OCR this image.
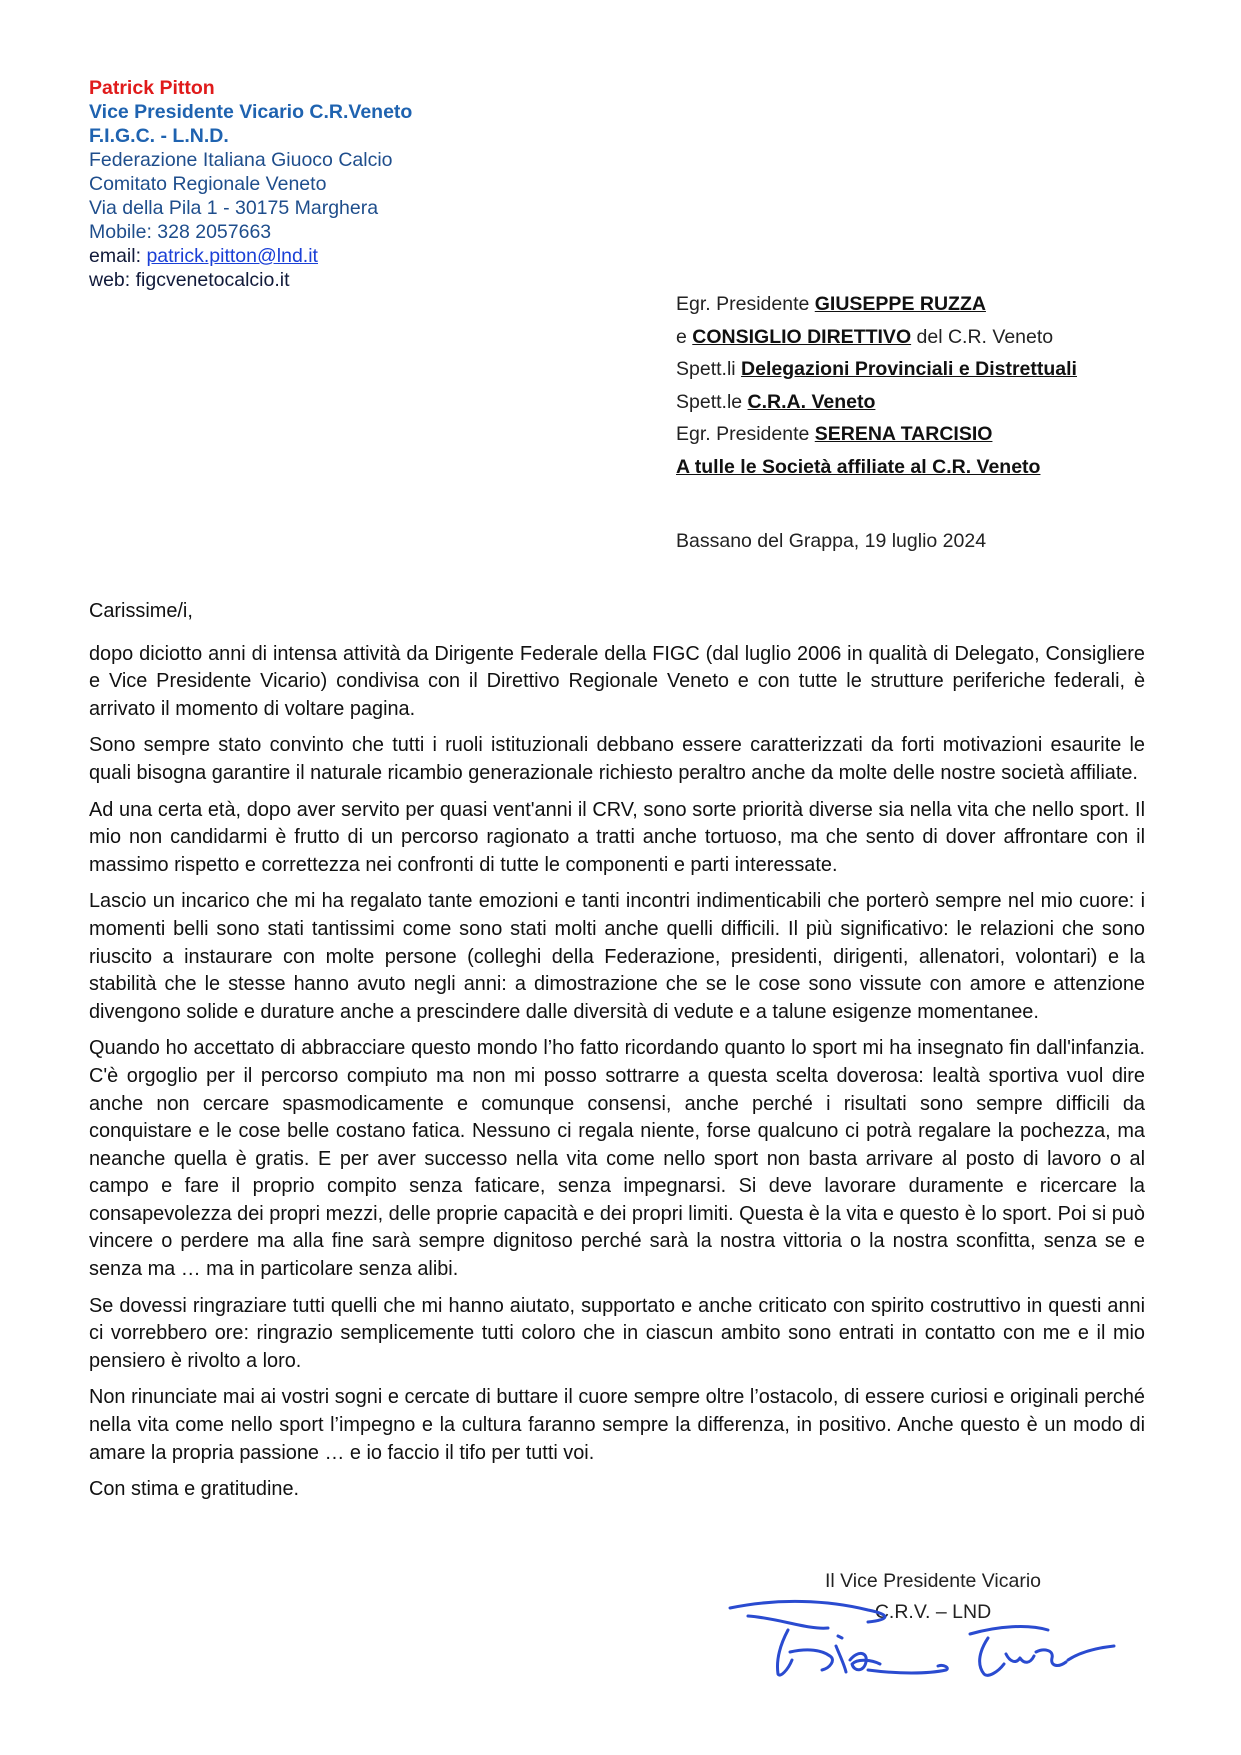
Patrick Pitton
Vice Presidente Vicario C.R.Veneto
F.I.G.C. - L.N.D.
Federazione Italiana Giuoco Calcio
Comitato Regionale Veneto
Via della Pila 1 - 30175 Marghera
Mobile: 328 2057663
email: patrick.pitton@lnd.it
web: figcvenetocalcio.it
Egr. Presidente GIUSEPPE RUZZA
e CONSIGLIO DIRETTIVO del C.R. Veneto
Spett.li Delegazioni Provinciali e Distrettuali
Spett.le C.R.A. Veneto
Egr. Presidente SERENA TARCISIO
A tulle le Società affiliate al C.R. Veneto
Bassano del Grappa, 19 luglio 2024

Carissime/i,

dopo diciotto anni di intensa attività da Dirigente Federale della FIGC (dal luglio 2006 in qualità di Delegato, Consigliere e Vice Presidente Vicario) condivisa con il Direttivo Regionale Veneto e con tutte le strutture periferiche federali, è arrivato il momento di voltare pagina.

Sono sempre stato convinto che tutti i ruoli istituzionali debbano essere caratterizzati da forti motivazioni esaurite le quali bisogna garantire il naturale ricambio generazionale richiesto peraltro anche da molte delle nostre società affiliate.

Ad una certa età, dopo aver servito per quasi vent'anni il CRV, sono sorte priorità diverse sia nella vita che nello sport. Il mio non candidarmi è frutto di un percorso ragionato a tratti anche tortuoso, ma che sento di dover affrontare con il massimo rispetto e correttezza nei confronti di tutte le componenti e parti interessate.

Lascio un incarico che mi ha regalato tante emozioni e tanti incontri indimenticabili che porterò sempre nel mio cuore: i momenti belli sono stati tantissimi come sono stati molti anche quelli difficili. Il più significativo: le relazioni che sono riuscito a instaurare con molte persone (colleghi della Federazione, presidenti, dirigenti, allenatori, volontari) e la stabilità che le stesse hanno avuto negli anni: a dimostrazione che se le cose sono vissute con amore e attenzione divengono solide e durature anche a prescindere dalle diversità di vedute e a talune esigenze momentanee.

Quando ho accettato di abbracciare questo mondo l’ho fatto ricordando quanto lo sport mi ha insegnato fin dall'infanzia. C'è orgoglio per il percorso compiuto ma non mi posso sottrarre a questa scelta doverosa: lealtà sportiva vuol dire anche non cercare spasmodicamente e comunque consensi, anche perché i risultati sono sempre difficili da conquistare e le cose belle costano fatica. Nessuno ci regala niente, forse qualcuno ci potrà regalare la pochezza, ma neanche quella è gratis. E per aver successo nella vita come nello sport non basta arrivare al posto di lavoro o al campo e fare il proprio compito senza faticare, senza impegnarsi. Si deve lavorare duramente e ricercare la consapevolezza dei propri mezzi, delle proprie capacità e dei propri limiti. Questa è la vita e questo è lo sport. Poi si può vincere o perdere ma alla fine sarà sempre dignitoso perché sarà la nostra vittoria o la nostra sconfitta, senza se e senza ma … ma in particolare senza alibi.

Se dovessi ringraziare tutti quelli che mi hanno aiutato, supportato e anche criticato con spirito costruttivo in questi anni ci vorrebbero ore: ringrazio semplicemente tutti coloro che in ciascun ambito sono entrati in contatto con me e il mio pensiero è rivolto a loro.

Non rinunciate mai ai vostri sogni e cercate di buttare il cuore sempre oltre l’ostacolo, di essere curiosi e originali perché nella vita come nello sport l’impegno e la cultura faranno sempre la differenza, in positivo. Anche questo è un modo di amare la propria passione … e io faccio il tifo per tutti voi.

Con stima e gratitudine.

Il Vice Presidente Vicario
C.R.V. – LND
